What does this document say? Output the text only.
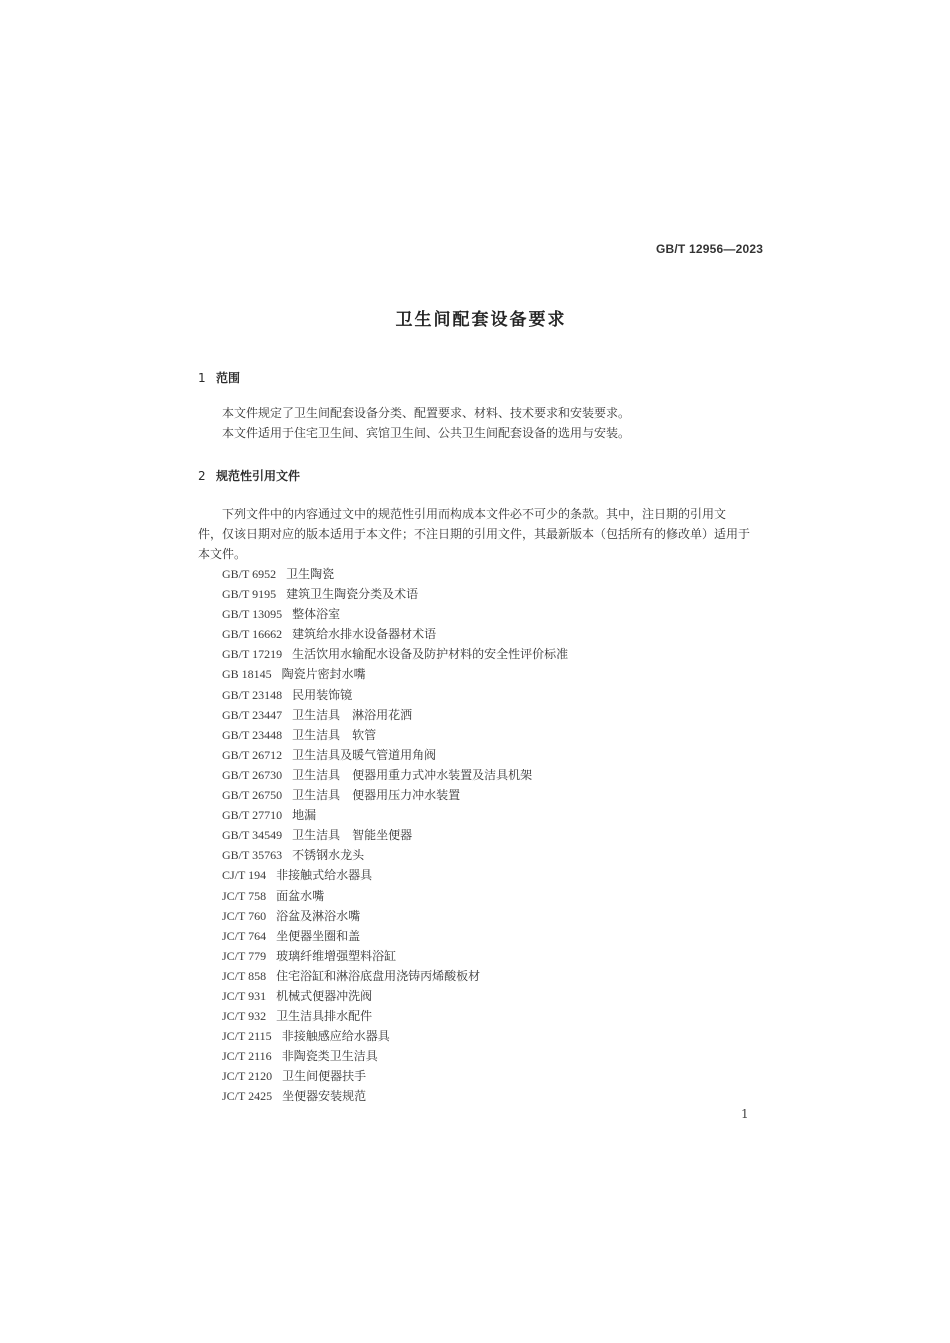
GB/T 12956—2023
卫生间配套设备要求
1 范围
本文件规定了卫生间配套设备分类、配置要求、材料、技术要求和安装要求。
本文件适用于住宅卫生间、宾馆卫生间、公共卫生间配套设备的选用与安装。
2 规范性引用文件
下列文件中的内容通过文中的规范性引用而构成本文件必不可少的条款。其中，注日期的引用文
件，仅该日期对应的版本适用于本文件；不注日期的引用文件，其最新版本（包括所有的修改单）适用于
本文件。
GB/T 6952 卫生陶瓷
GB/T 9195 建筑卫生陶瓷分类及术语
GB/T 13095 整体浴室
GB/T 16662 建筑给水排水设备器材术语
GB/T 17219 生活饮用水输配水设备及防护材料的安全性评价标准
GB 18145 陶瓷片密封水嘴
GB/T 23148 民用装饰镜
GB/T 23447 卫生洁具　淋浴用花洒
GB/T 23448 卫生洁具　软管
GB/T 26712 卫生洁具及暖气管道用角阀
GB/T 26730 卫生洁具　便器用重力式冲水装置及洁具机架
GB/T 26750 卫生洁具　便器用压力冲水装置
GB/T 27710 地漏
GB/T 34549 卫生洁具　智能坐便器
GB/T 35763 不锈钢水龙头
CJ/T 194 非接触式给水器具
JC/T 758 面盆水嘴
JC/T 760 浴盆及淋浴水嘴
JC/T 764 坐便器坐圈和盖
JC/T 779 玻璃纤维增强塑料浴缸
JC/T 858 住宅浴缸和淋浴底盘用浇铸丙烯酸板材
JC/T 931 机械式便器冲洗阀
JC/T 932 卫生洁具排水配件
JC/T 2115 非接触感应给水器具
JC/T 2116 非陶瓷类卫生洁具
JC/T 2120 卫生间便器扶手
JC/T 2425 坐便器安装规范
1
